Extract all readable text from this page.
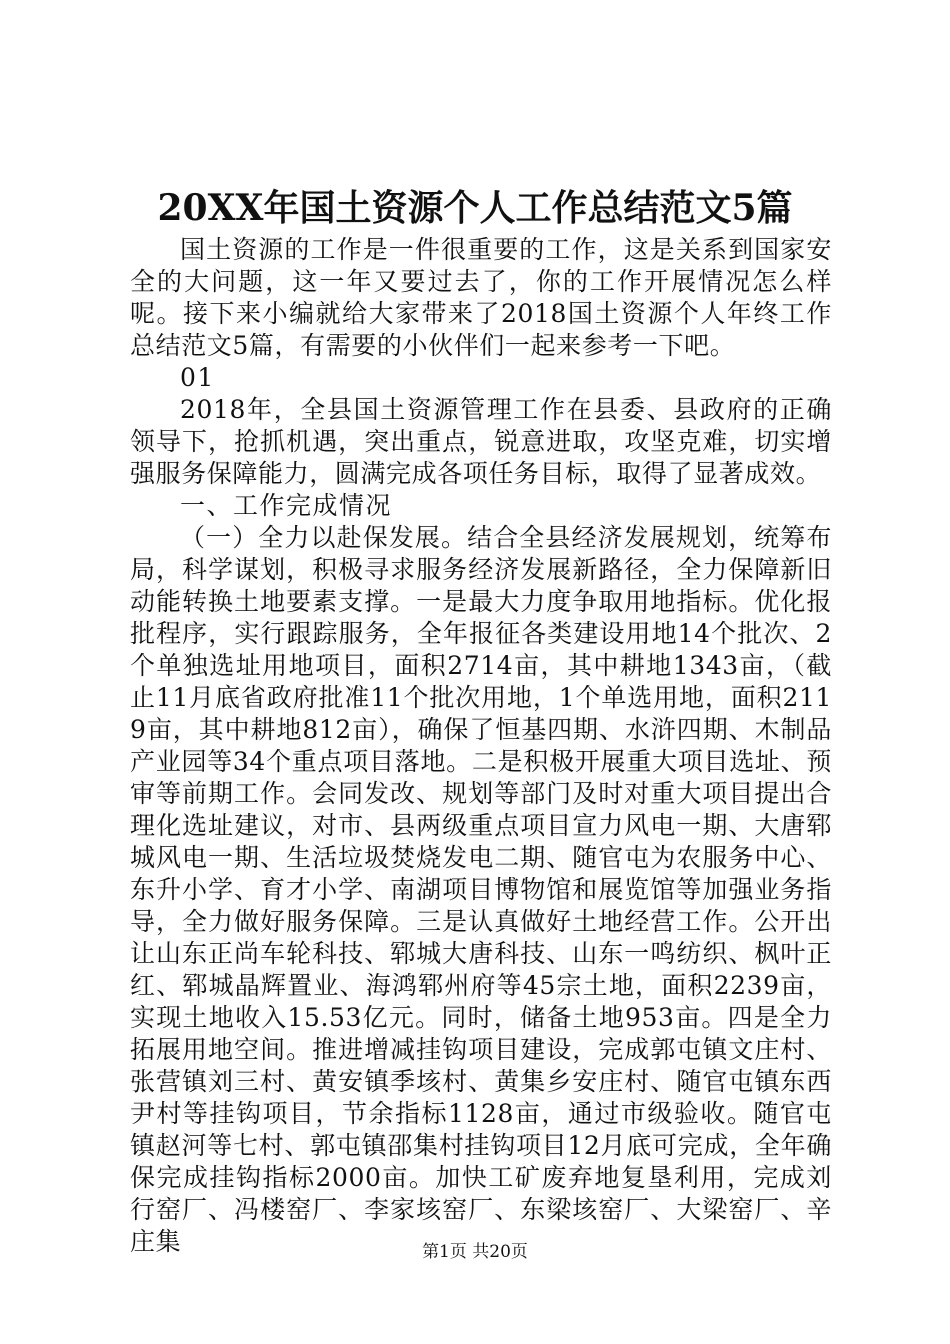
20XX年国土资源个人工作总结范文5篇

国土资源的工作是一件很重要的工作，这是关系到国家安全的大问题，这一年又要过去了，你的工作开展情况怎么样呢。接下来小编就给大家带来了2018国土资源个人年终工作总结范文5篇，有需要的小伙伴们一起来参考一下吧。

01

2018年，全县国土资源管理工作在县委、县政府的正确领导下，抢抓机遇，突出重点，锐意进取，攻坚克难，切实增强服务保障能力，圆满完成各项任务目标，取得了显著成效。

一、工作完成情况

（一）全力以赴保发展。结合全县经济发展规划，统筹布局，科学谋划，积极寻求服务经济发展新路径，全力保障新旧动能转换土地要素支撑。一是最大力度争取用地指标。优化报批程序，实行跟踪服务，全年报征各类建设用地14个批次、2个单独选址用地项目，面积2714亩，其中耕地1343亩，（截止11月底省政府批准11个批次用地，1个单选用地，面积2119亩，其中耕地812亩），确保了恒基四期、水浒四期、木制品产业园等34个重点项目落地。二是积极开展重大项目选址、预审等前期工作。会同发改、规划等部门及时对重大项目提出合理化选址建议，对市、县两级重点项目宣力风电一期、大唐郓城风电一期、生活垃圾焚烧发电二期、随官屯为农服务中心、东升小学、育才小学、南湖项目博物馆和展览馆等加强业务指导，全力做好服务保障。三是认真做好土地经营工作。公开出让山东正尚车轮科技、郓城大唐科技、山东一鸣纺织、枫叶正红、郓城晶辉置业、海鸿郓州府等45宗土地，面积2239亩，实现土地收入15.53亿元。同时，储备土地953亩。四是全力拓展用地空间。推进增减挂钩项目建设，完成郭屯镇文庄村、张营镇刘三村、黄安镇季垓村、黄集乡安庄村、随官屯镇东西尹村等挂钩项目，节余指标1128亩，通过市级验收。随官屯镇赵河等七村、郭屯镇邵集村挂钩项目12月底可完成，全年确保完成挂钩指标2000亩。加快工矿废弃地复垦利用，完成刘行窑厂、冯楼窑厂、李家垓窑厂、东梁垓窑厂、大梁窑厂、辛庄集	第1页 共20页
